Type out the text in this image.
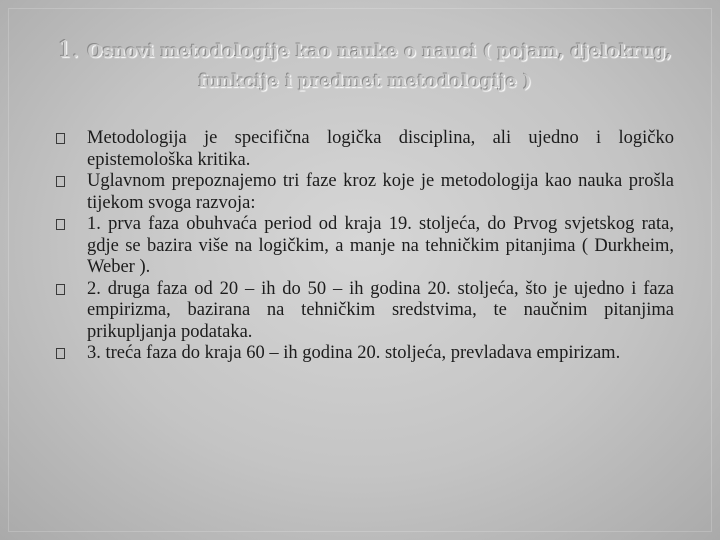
1. Osnovi metodologije kao nauke o nauci ( pojam, djelokrug, funkcije i predmet metodologije )
Metodologija je specifična logička disciplina, ali ujedno i logičko epistemološka kritika.
Uglavnom prepoznajemo tri faze kroz koje je metodologija kao nauka prošla tijekom svoga razvoja:
1. prva faza obuhvaća period od kraja 19. stoljeća, do Prvog svjetskog rata, gdje se bazira više na logičkim, a manje na tehničkim pitanjima ( Durkheim, Weber ).
2. druga faza od 20 – ih do 50 – ih godina 20. stoljeća, što je ujedno i faza empirizma, bazirana na tehničkim sredstvima, te naučnim pitanjima prikupljanja podataka.
3. treća faza do kraja 60 – ih godina 20. stoljeća, prevladava empirizam.
